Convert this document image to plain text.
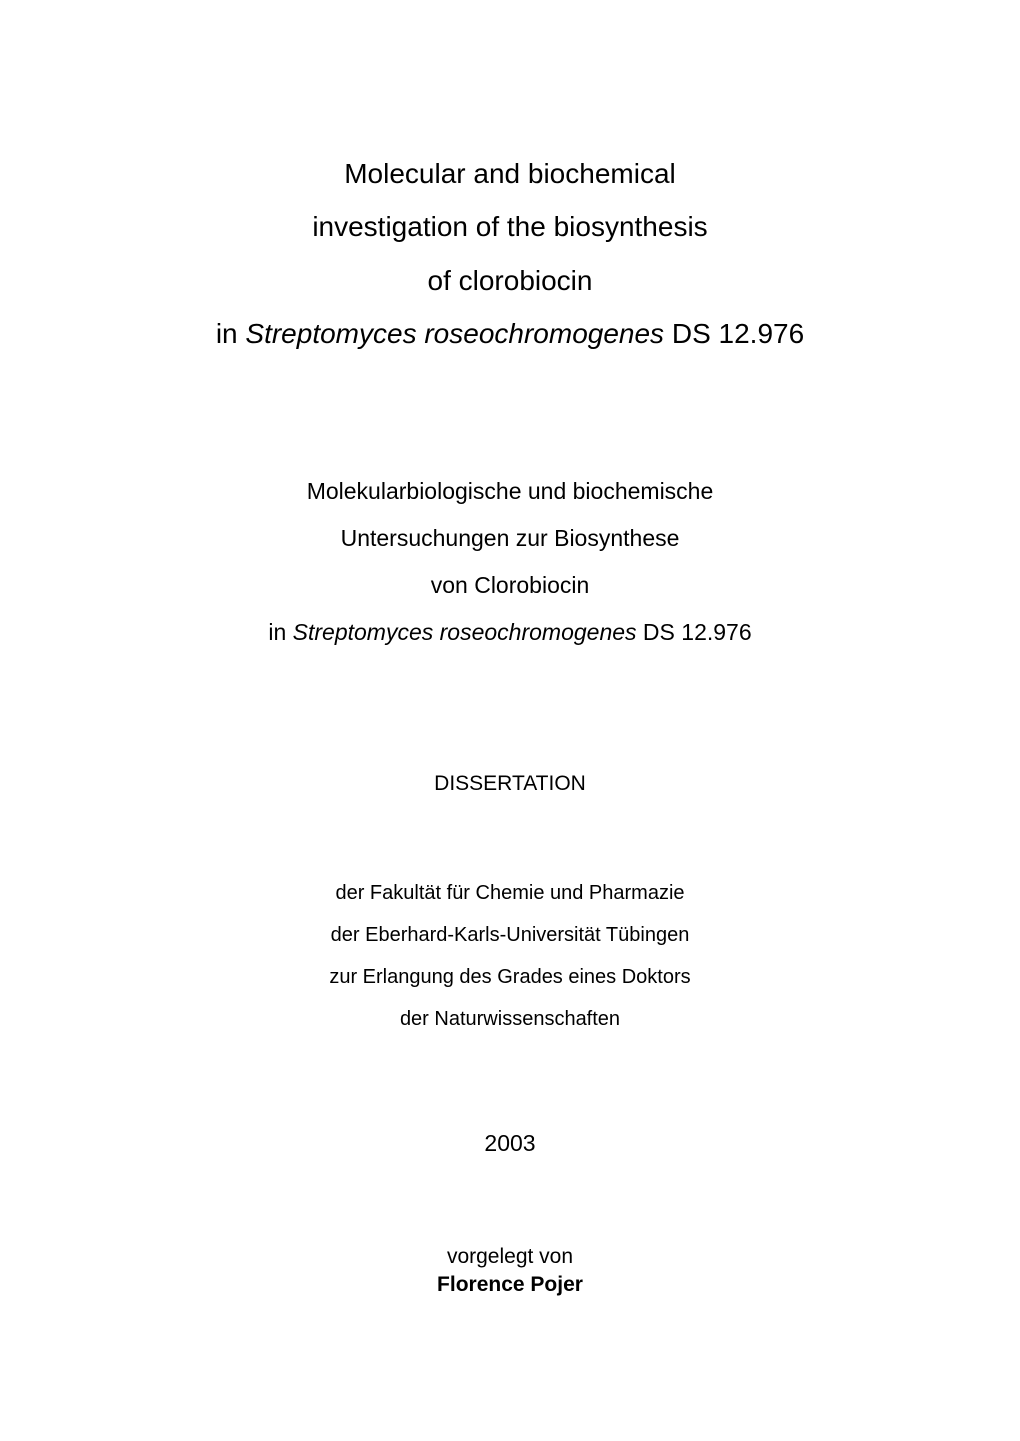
Molecular and biochemical
investigation of the biosynthesis
of clorobiocin
in Streptomyces roseochromogenes DS 12.976
Molekularbiologische und biochemische
Untersuchungen zur Biosynthese
von Clorobiocin
in Streptomyces roseochromogenes DS 12.976
DISSERTATION
der Fakultät für Chemie und Pharmazie
der Eberhard-Karls-Universität Tübingen
zur Erlangung des Grades eines Doktors
der Naturwissenschaften
2003
vorgelegt von
Florence Pojer
